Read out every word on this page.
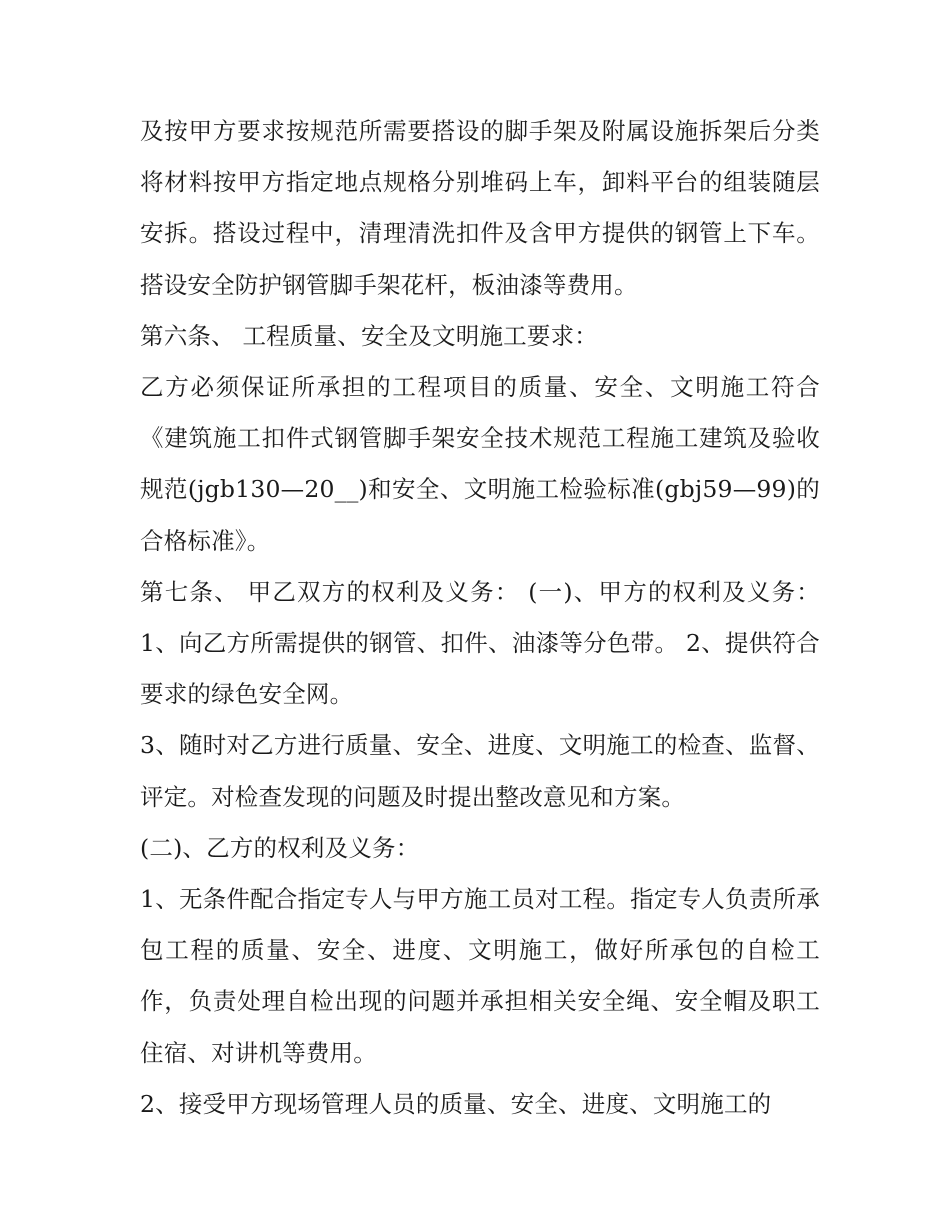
及按甲方要求按规范所需要搭设的脚手架及附属设施拆架后分类将材料按甲方指定地点规格分别堆码上车，卸料平台的组装随层安拆。搭设过程中，清理清洗扣件及含甲方提供的钢管上下车。搭设安全防护钢管脚手架花杆，板油漆等费用。

第六条、 工程质量、安全及文明施工要求：

乙方必须保证所承担的工程项目的质量、安全、文明施工符合《建筑施工扣件式钢管脚手架安全技术规范工程施工建筑及验收规范(jgb130—20__)和安全、文明施工检验标准(gbj59—99)的合格标准》。

第七条、 甲乙双方的权利及义务： (一)、甲方的权利及义务： 1、向乙方所需提供的钢管、扣件、油漆等分色带。 2、提供符合要求的绿色安全网。

3、随时对乙方进行质量、安全、进度、文明施工的检查、监督、评定。对检查发现的问题及时提出整改意见和方案。

(二)、乙方的权利及义务：

1、无条件配合指定专人与甲方施工员对工程。指定专人负责所承包工程的质量、安全、进度、文明施工，做好所承包的自检工作，负责处理自检出现的问题并承担相关安全绳、安全帽及职工住宿、对讲机等费用。

2、接受甲方现场管理人员的质量、安全、进度、文明施工的
